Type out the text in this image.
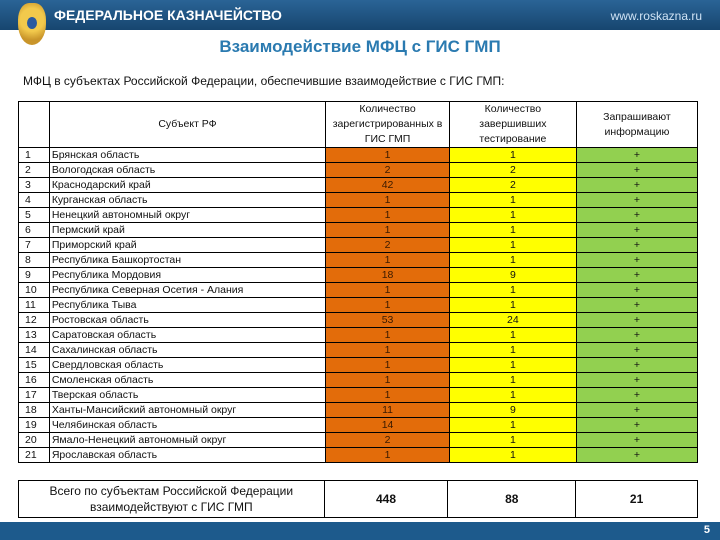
ФЕДЕРАЛЬНОЕ КАЗНАЧЕЙСТВО	www.roskazna.ru
Взаимодействие МФЦ с ГИС ГМП
МФЦ в субъектах Российской Федерации, обеспечившие взаимодействие с ГИС ГМП:
	Субъект РФ	Количество зарегистрированных в ГИС ГМП	Количество завершивших тестирование	Запрашивают информацию
1	Брянская область	1	1	+
2	Вологодская область	2	2	+
3	Краснодарский край	42	2	+
4	Курганская область	1	1	+
5	Ненецкий автономный округ	1	1	+
6	Пермский край	1	1	+
7	Приморский край	2	1	+
8	Республика Башкортостан	1	1	+
9	Республика Мордовия	18	9	+
10	Республика Северная Осетия - Алания	1	1	+
11	Республика Тыва	1	1	+
12	Ростовская область	53	24	+
13	Саратовская область	1	1	+
14	Сахалинская область	1	1	+
15	Свердловская область	1	1	+
16	Смоленская область	1	1	+
17	Тверская область	1	1	+
18	Ханты-Мансийский автономный округ	11	9	+
19	Челябинская область	14	1	+
20	Ямало-Ненецкий автономный округ	2	1	+
21	Ярославская область	1	1	+
Всего по субъектам Российской Федерации взаимодействуют с ГИС ГМП	448	88	21
5
